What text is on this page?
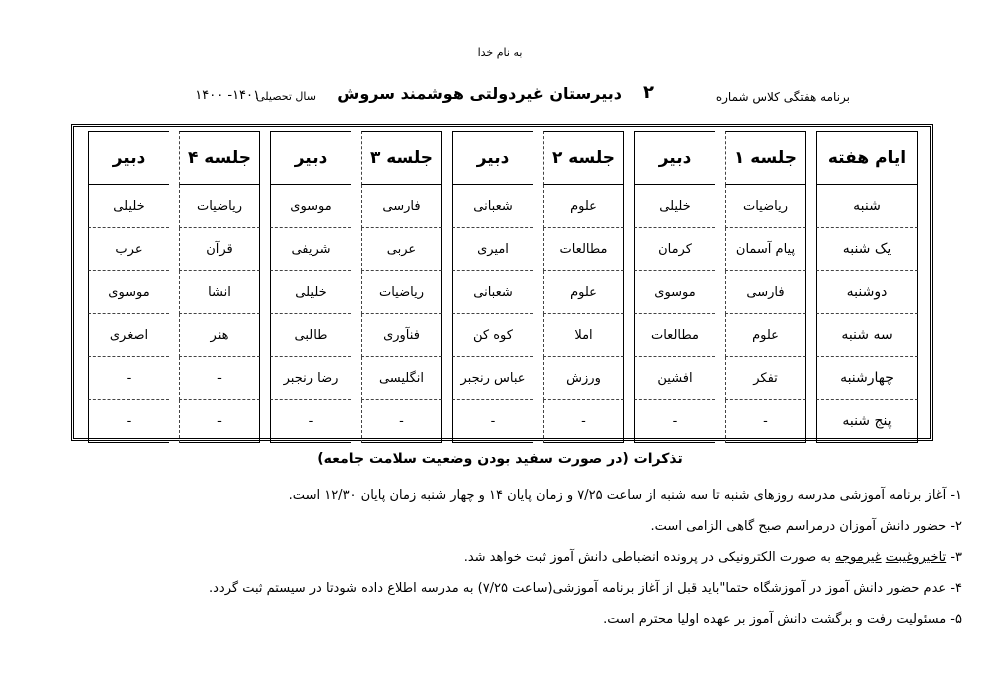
به نام خدا
برنامه هفتگی کلاس شماره
۲
دبیرستان غیردولتی هوشمند سروش
سال تحصیلی
۱۴۰۱- ۱۴۰۰
ایام هفته	جلسه ۱	دبیر	جلسه ۲	دبیر	جلسه ۳	دبیر	جلسه ۴	دبیر
شنبه	ریاضیات	خلیلی	علوم	شعبانی	فارسی	موسوی	ریاضیات	خلیلی
یک شنبه	پیام آسمان	کرمان	مطالعات	امیری	عربی	شریفی	قرآن	عرب
دوشنبه	فارسی	موسوی	علوم	شعبانی	ریاضیات	خلیلی	انشا	موسوی
سه شنبه	علوم	مطالعات	املا	کوه کن	فنآوری	طالبی	هنر	اصغری
چهارشنبه	تفکر	افشین	ورزش	عباس رنجبر	انگلیسی	رضا رنجبر	-	-
پنج شنبه	-	-	-	-	-	-	-	-
تذکرات (در صورت سفید بودن وضعیت سلامت جامعه)
۱- آغاز برنامه آموزشی مدرسه روزهای شنبه تا سه شنبه از ساعت ۷/۲۵ و زمان پایان ۱۴ و چهار شنبه زمان پایان ۱۲/۳۰ است.
۲- حضور دانش آموزان درمراسم صبح گاهی الزامی است.
۳- تاخیروغیبت غیرموجه به صورت الکترونیکی در پرونده انضباطی دانش آموز ثبت خواهد شد.
۴- عدم حضور دانش آموز در آموزشگاه حتما"باید قبل از آغاز برنامه آموزشی(ساعت ۷/۲۵) به مدرسه اطلاع داده شودتا در سیستم ثبت گردد.
۵- مسئولیت رفت و برگشت دانش آموز بر عهده اولیا محترم است.
